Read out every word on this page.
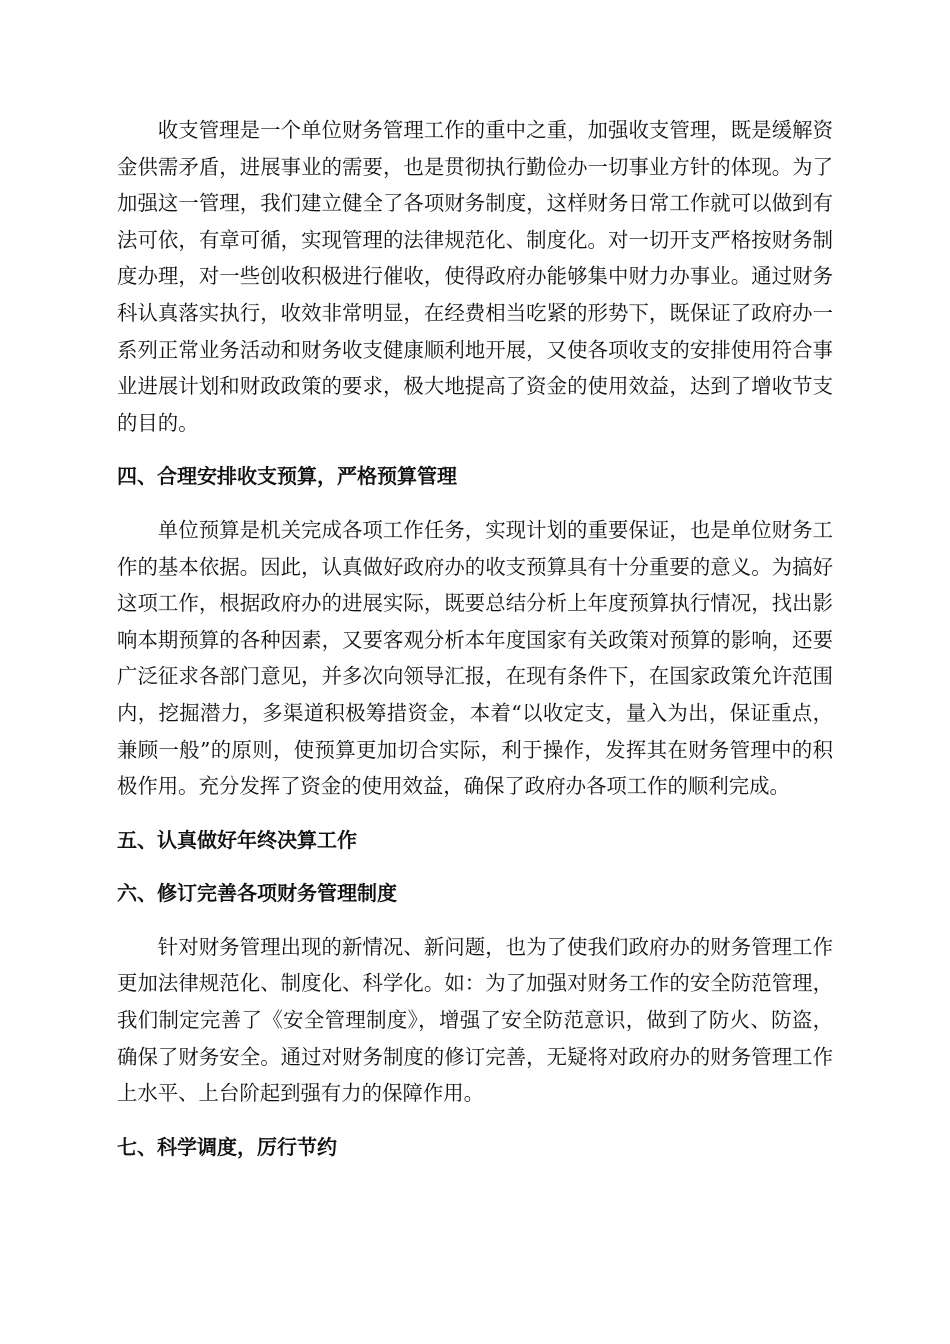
收支管理是一个单位财务管理工作的重中之重，加强收支管理，既是缓解资金供需矛盾，进展事业的需要，也是贯彻执行勤俭办一切事业方针的体现。为了加强这一管理，我们建立健全了各项财务制度，这样财务日常工作就可以做到有法可依，有章可循，实现管理的法律规范化、制度化。对一切开支严格按财务制度办理，对一些创收积极进行催收，使得政府办能够集中财力办事业。通过财务科认真落实执行，收效非常明显，在经费相当吃紧的形势下，既保证了政府办一系列正常业务活动和财务收支健康顺利地开展，又使各项收支的安排使用符合事业进展计划和财政政策的要求，极大地提高了资金的使用效益，达到了增收节支的目的。

四、合理安排收支预算，严格预算管理

单位预算是机关完成各项工作任务，实现计划的重要保证，也是单位财务工作的基本依据。因此，认真做好政府办的收支预算具有十分重要的意义。为搞好这项工作，根据政府办的进展实际，既要总结分析上年度预算执行情况，找出影响本期预算的各种因素，又要客观分析本年度国家有关政策对预算的影响，还要广泛征求各部门意见，并多次向领导汇报，在现有条件下，在国家政策允许范围内，挖掘潜力，多渠道积极筹措资金，本着“以收定支，量入为出，保证重点，兼顾一般”的原则，使预算更加切合实际，利于操作，发挥其在财务管理中的积极作用。充分发挥了资金的使用效益，确保了政府办各项工作的顺利完成。

五、认真做好年终决算工作
六、修订完善各项财务管理制度

针对财务管理出现的新情况、新问题，也为了使我们政府办的财务管理工作更加法律规范化、制度化、科学化。如：为了加强对财务工作的安全防范管理，我们制定完善了《安全管理制度》，增强了安全防范意识，做到了防火、防盗，确保了财务安全。通过对财务制度的修订完善，无疑将对政府办的财务管理工作上水平、上台阶起到强有力的保障作用。

七、科学调度，厉行节约
